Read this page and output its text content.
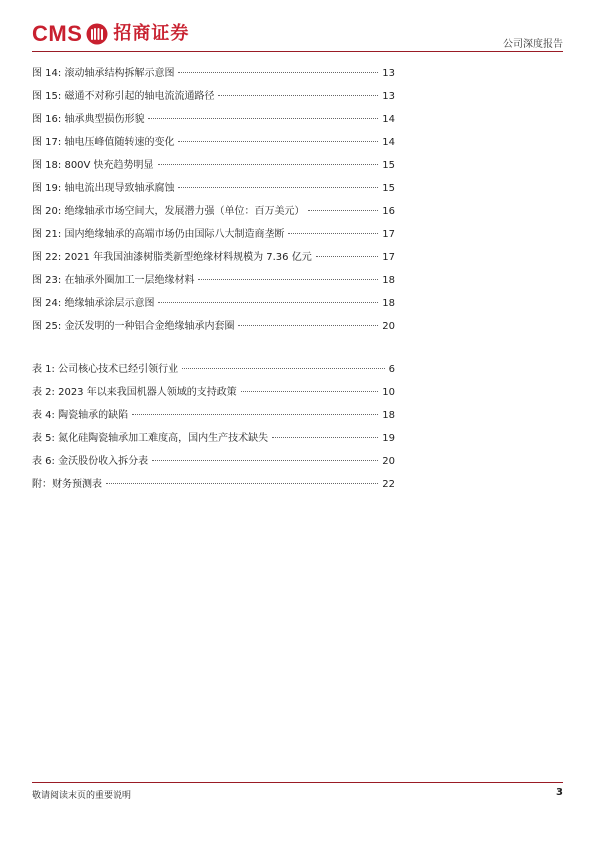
CMS 招商证券
公司深度报告
图 14: 滚动轴承结构拆解示意图	13
图 15: 磁通不对称引起的轴电流流通路径	13
图 16: 轴承典型损伤形貌	14
图 17: 轴电压峰值随转速的变化	14
图 18: 800V 快充趋势明显	15
图 19: 轴电流出现导致轴承腐蚀	15
图 20: 绝缘轴承市场空间大，发展潜力强（单位：百万美元）	16
图 21: 国内绝缘轴承的高端市场仍由国际八大制造商垄断	17
图 22: 2021 年我国油漆树脂类新型绝缘材料规模为 7.36 亿元	17
图 23: 在轴承外圈加工一层绝缘材料	18
图 24: 绝缘轴承涂层示意图	18
图 25: 金沃发明的一种铝合金绝缘轴承内套圈	20
表 1: 公司核心技术已经引领行业	6
表 2: 2023 年以来我国机器人领域的支持政策	10
表 4: 陶瓷轴承的缺陷	18
表 5: 氮化硅陶瓷轴承加工难度高，国内生产技术缺失	19
表 6: 金沃股份收入拆分表	20
附：财务预测表	22
敬请阅读末页的重要说明	3
